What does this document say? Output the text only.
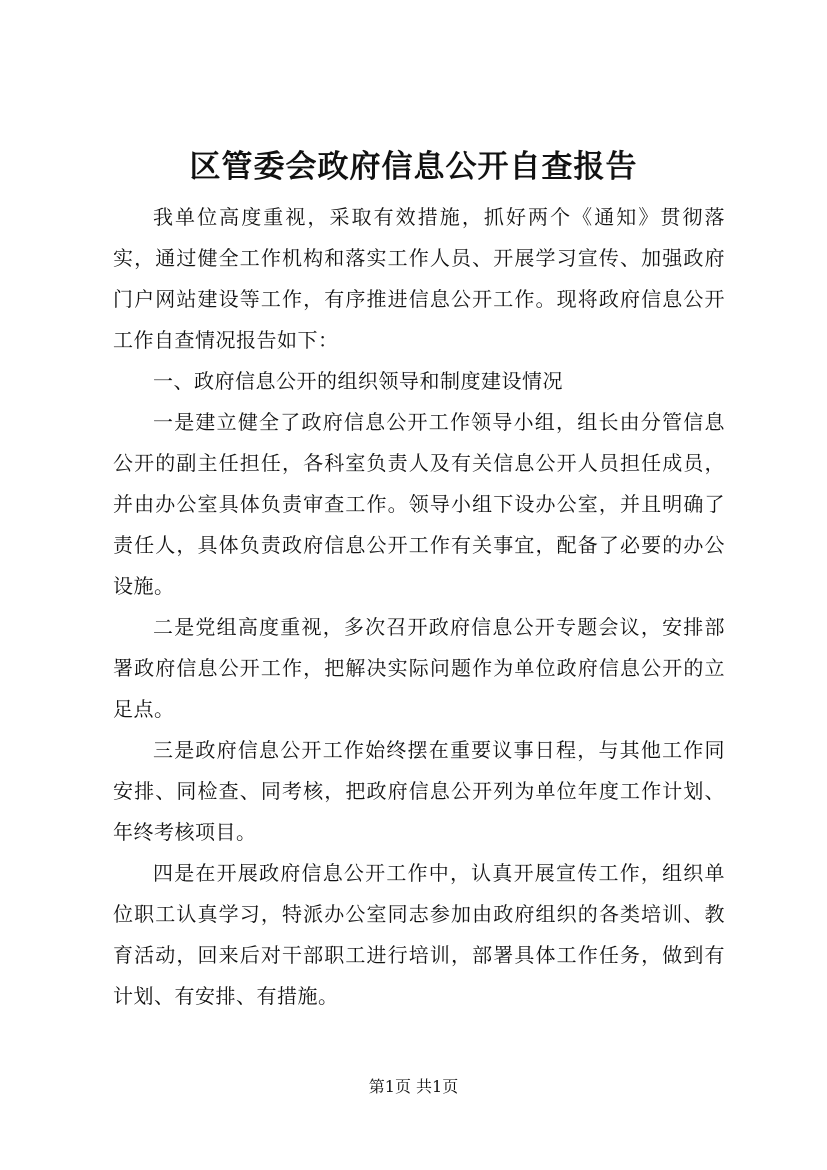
区管委会政府信息公开自查报告

我单位高度重视，采取有效措施，抓好两个《通知》贯彻落实，通过健全工作机构和落实工作人员、开展学习宣传、加强政府门户网站建设等工作，有序推进信息公开工作。现将政府信息公开工作自查情况报告如下：

一、政府信息公开的组织领导和制度建设情况

一是建立健全了政府信息公开工作领导小组，组长由分管信息公开的副主任担任，各科室负责人及有关信息公开人员担任成员，并由办公室具体负责审查工作。领导小组下设办公室，并且明确了责任人，具体负责政府信息公开工作有关事宜，配备了必要的办公设施。

二是党组高度重视，多次召开政府信息公开专题会议，安排部署政府信息公开工作，把解决实际问题作为单位政府信息公开的立足点。

三是政府信息公开工作始终摆在重要议事日程，与其他工作同安排、同检查、同考核，把政府信息公开列为单位年度工作计划、年终考核项目。

四是在开展政府信息公开工作中，认真开展宣传工作，组织单位职工认真学习，特派办公室同志参加由政府组织的各类培训、教育活动，回来后对干部职工进行培训，部署具体工作任务，做到有计划、有安排、有措施。

第1页 共1页
